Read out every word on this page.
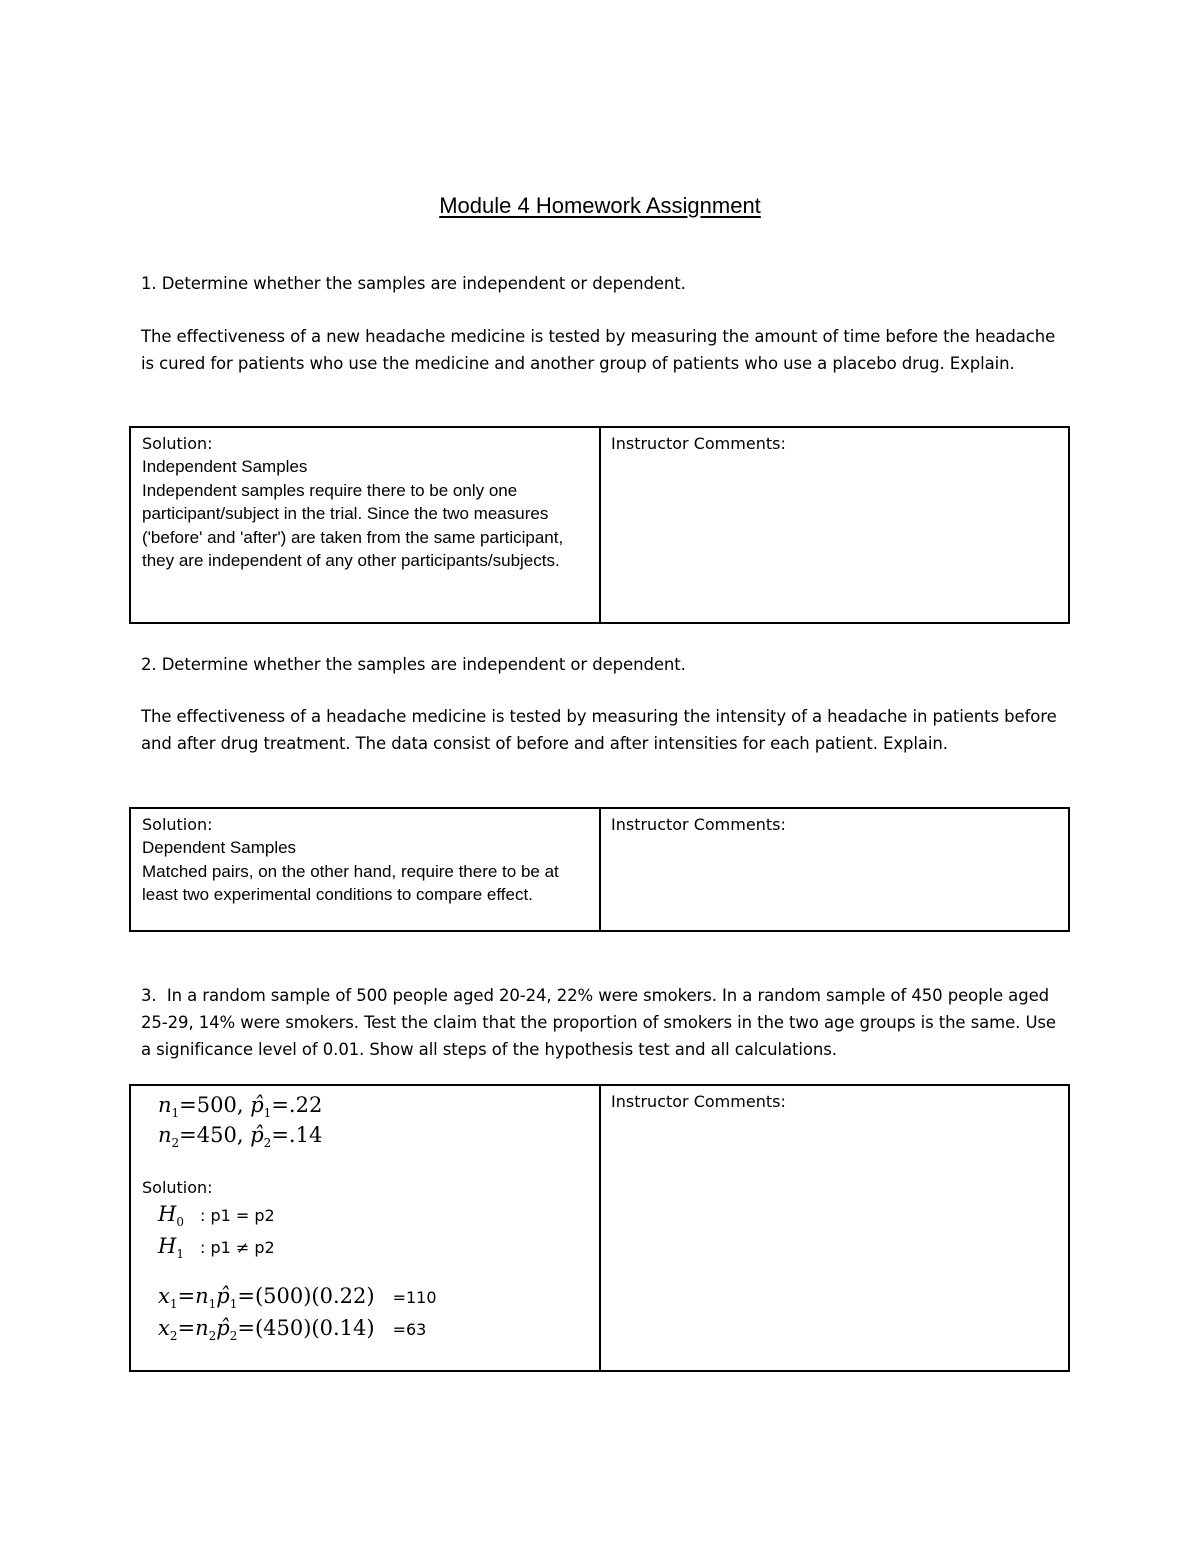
Module 4 Homework Assignment
1. Determine whether the samples are independent or dependent.
The effectiveness of a new headache medicine is tested by measuring the amount of time before the headache is cured for patients who use the medicine and another group of patients who use a placebo drug. Explain.
Solution:
Independent Samples
Independent samples require there to be only one participant/subject in the trial. Since the two measures ('before' and 'after') are taken from the same participant, they are independent of any other participants/subjects.
Instructor Comments:
2. Determine whether the samples are independent or dependent.
The effectiveness of a headache medicine is tested by measuring the intensity of a headache in patients before and after drug treatment. The data consist of before and after intensities for each patient. Explain.
Solution:
Dependent Samples
Matched pairs, on the other hand, require there to be at least two experimental conditions to compare effect.
Instructor Comments:
3. In a random sample of 500 people aged 20-24, 22% were smokers. In a random sample of 450 people aged 25-29, 14% were smokers. Test the claim that the proportion of smokers in the two age groups is the same. Use a significance level of 0.01. Show all steps of the hypothesis test and all calculations.
$n_1=500$, $p̂_1=.22$
$n_2=450$, $p̂_2=.14$
Solution:
$H_0$ : p1 = p2
$H_1$ : p1 ≠ p2
$x_1=n_1p̂_1=(500)(0.22) =110$
$x_2=n_2p̂_2=(450)(0.14) =63$
Instructor Comments:
